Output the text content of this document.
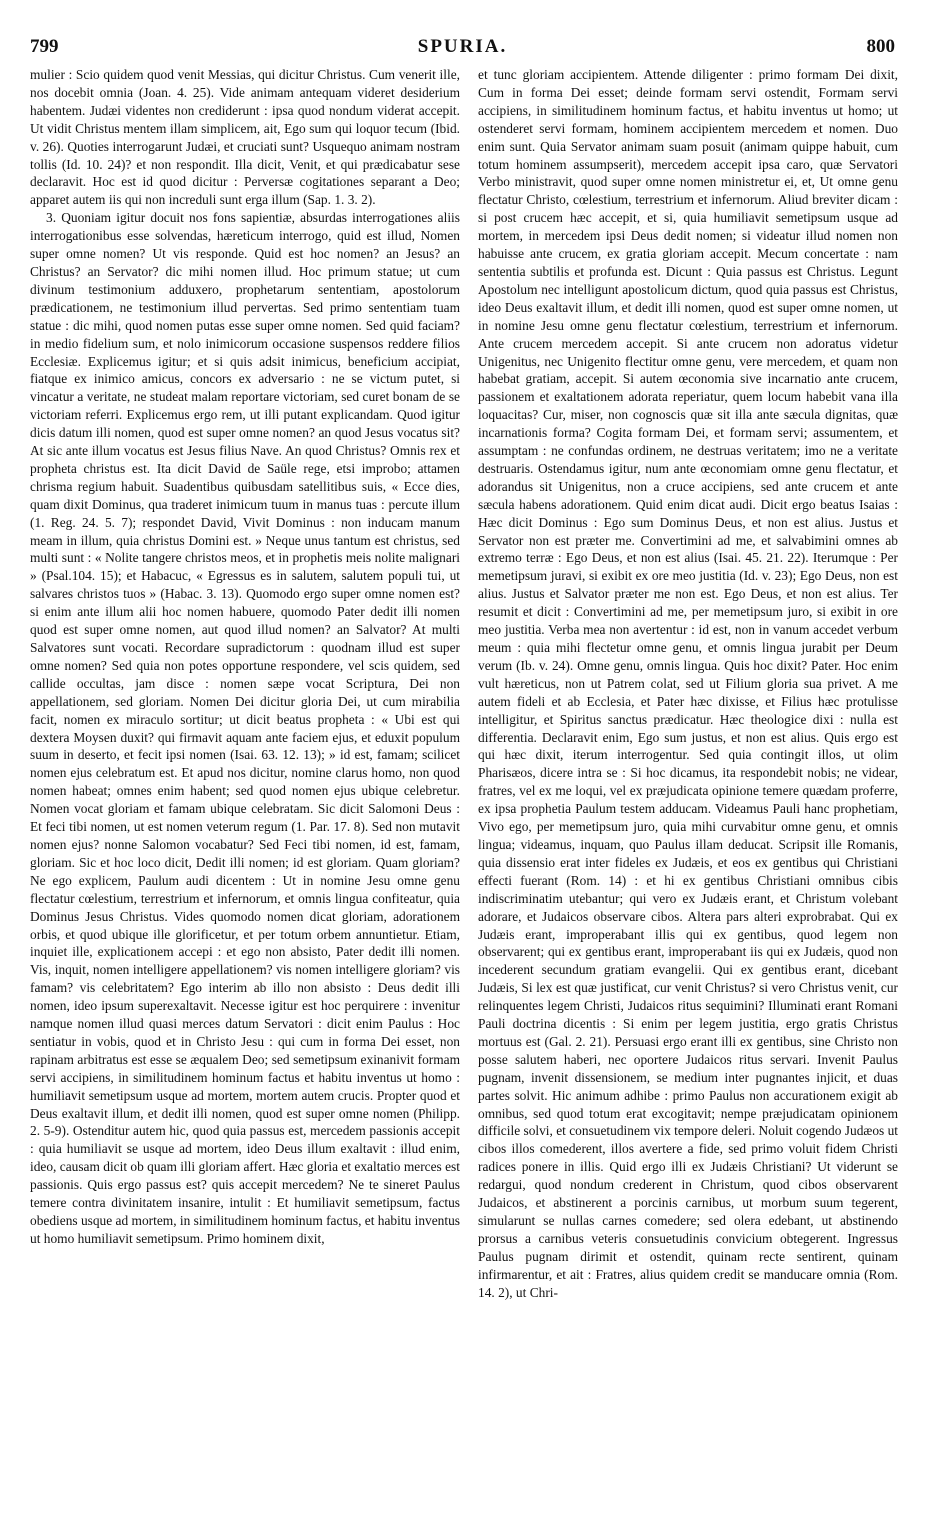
799	SPURIA.	800

mulier : Scio quidem quod venit Messias, qui dicitur Christus. Cum venerit ille, nos docebit omnia (Joan. 4. 25). Vide animam antequam videret desiderium habentem. Judæi videntes non crediderunt : ipsa quod nondum viderat accepit. Ut vidit Christus mentem illam simplicem, ait, Ego sum qui loquor tecum (Ibid. v. 26). Quoties interrogarunt Judæi, et cruciati sunt? Usquequo animam nostram tollis (Id. 10. 24)? et non respondit. Illa dicit, Venit, et qui prædicabatur sese declaravit. Hoc est id quod dicitur : Perversæ cogitationes separant a Deo; apparet autem iis qui non increduli sunt erga illum (Sap. 1. 3. 2).

3. Quoniam igitur docuit nos fons sapientiæ, absurdas interrogationes aliis interrogationibus esse solvendas, hæreticum interrogo, quid est illud, Nomen super omne nomen? Ut vis responde. Quid est hoc nomen? an Jesus? an Christus? an Servator? dic mihi nomen illud. Hoc primum statue; ut cum divinum testimonium adduxero, prophetarum sententiam, apostolorum prædicationem, ne testimonium illud pervertas. Sed primo sententiam tuam statue : dic mihi, quod nomen putas esse super omne nomen. Sed quid faciam? in medio fidelium sum, et nolo inimicorum occasione suspensos reddere filios Ecclesiæ. Explicemus igitur; et si quis adsit inimicus, beneficium accipiat, fiatque ex inimico amicus, concors ex adversario : ne se victum putet, si vincatur a veritate, ne studeat malam reportare victoriam, sed curet bonam de se victoriam referri. Explicemus ergo rem, ut illi putant explicandam. Quod igitur dicis datum illi nomen, quod est super omne nomen? an quod Jesus vocatus sit? At sic ante illum vocatus est Jesus filius Nave. An quod Christus? Omnis rex et propheta christus est. Ita dicit David de Saüle rege, etsi improbo; attamen chrisma regium habuit. Suadentibus quibusdam satellitibus suis, « Ecce dies, quam dixit Dominus, qua traderet inimicum tuum in manus tuas : percute illum (1. Reg. 24. 5. 7); respondet David, Vivit Dominus : non inducam manum meam in illum, quia christus Domini est. » Neque unus tantum est christus, sed multi sunt : « Nolite tangere christos meos, et in prophetis meis nolite malignari » (Psal.104. 15); et Habacuc, « Egressus es in salutem, salutem populi tui, ut salvares christos tuos » (Habac. 3. 13). Quomodo ergo super omne nomen est? si enim ante illum alii hoc nomen habuere, quomodo Pater dedit illi nomen quod est super omne nomen, aut quod illud nomen? an Salvator? At multi Salvatores sunt vocati. Recordare supradictorum : quodnam illud est super omne nomen? Sed quia non potes opportune respondere, vel scis quidem, sed callide occultas, jam disce : nomen sæpe vocat Scriptura, Dei non appellationem, sed gloriam. Nomen Dei dicitur gloria Dei, ut cum mirabilia facit, nomen ex miraculo sortitur; ut dicit beatus propheta : « Ubi est qui dextera Moysen duxit? qui firmavit aquam ante faciem ejus, et eduxit populum suum in deserto, et fecit ipsi nomen (Isai. 63. 12. 13); » id est, famam; scilicet nomen ejus celebratum est. Et apud nos dicitur, nomine clarus homo, non quod nomen habeat; omnes enim habent; sed quod nomen ejus ubique celebretur. Nomen vocat gloriam et famam ubique celebratam. Sic dicit Salomoni Deus : Et feci tibi nomen, ut est nomen veterum regum (1. Par. 17. 8). Sed non mutavit nomen ejus? nonne Salomon vocabatur? Sed Feci tibi nomen, id est, famam, gloriam. Sic et hoc loco dicit, Dedit illi nomen; id est gloriam. Quam gloriam? Ne ego explicem, Paulum audi dicentem : Ut in nomine Jesu omne genu flectatur cœlestium, terrestrium et infernorum, et omnis lingua confiteatur, quia Dominus Jesus Christus. Vides quomodo nomen dicat gloriam, adorationem orbis, et quod ubique ille glorificetur, et per totum orbem annuntietur. Etiam, inquiet ille, explicationem accepi : et ego non absisto, Pater dedit illi nomen. Vis, inquit, nomen intelligere appellationem? vis nomen intelligere gloriam? vis famam? vis celebritatem? Ego interim ab illo non absisto : Deus dedit illi nomen, ideo ipsum superexaltavit. Necesse igitur est hoc perquirere : invenitur namque nomen illud quasi merces datum Servatori : dicit enim Paulus : Hoc sentiatur in vobis, quod et in Christo Jesu : qui cum in forma Dei esset, non rapinam arbitratus est esse se æqualem Deo; sed semetipsum exinanivit formam servi accipiens, in similitudinem hominum factus et habitu inventus ut homo : humiliavit semetipsum usque ad mortem, mortem autem crucis. Propter quod et Deus exaltavit illum, et dedit illi nomen, quod est super omne nomen (Philipp. 2. 5-9). Ostenditur autem hic, quod quia passus est, mercedem passionis accepit : quia humiliavit se usque ad mortem, ideo Deus illum exaltavit : illud enim, ideo, causam dicit ob quam illi gloriam affert. Hæc gloria et exaltatio merces est passionis. Quis ergo passus est? quis accepit mercedem? Ne te sineret Paulus temere contra divinitatem insanire, intulit : Et humiliavit semetipsum, factus obediens usque ad mortem, in similitudinem hominum factus, et habitu inventus ut homo humiliavit semetipsum. Primo hominem dixit,

et tunc gloriam accipientem. Attende diligenter : primo formam Dei dixit, Cum in forma Dei esset; deinde formam servi ostendit, Formam servi accipiens, in similitudinem hominum factus, et habitu inventus ut homo; ut ostenderet servi formam, hominem accipientem mercedem et nomen. Duo enim sunt. Quia Servator animam suam posuit (animam quippe habuit, cum totum hominem assumpserit), mercedem accepit ipsa caro, quæ Servatori Verbo ministravit, quod super omne nomen ministretur ei, et, Ut omne genu flectatur Christo, cœlestium, terrestrium et infernorum. Aliud breviter dicam : si post crucem hæc accepit, et si, quia humiliavit semetipsum usque ad mortem, in mercedem ipsi Deus dedit nomen; si videatur illud nomen non habuisse ante crucem, ex gratia gloriam accepit. Mecum concertate : nam sententia subtilis et profunda est. Dicunt : Quia passus est Christus. Legunt Apostolum nec intelligunt apostolicum dictum, quod quia passus est Christus, ideo Deus exaltavit illum, et dedit illi nomen, quod est super omne nomen, ut in nomine Jesu omne genu flectatur cœlestium, terrestrium et infernorum. Ante crucem mercedem accepit. Si ante crucem non adoratus videtur Unigenitus, nec Unigenito flectitur omne genu, vere mercedem, et quam non habebat gratiam, accepit. Si autem œconomia sive incarnatio ante crucem, passionem et exaltationem adorata reperiatur, quem locum habebit vana illa loquacitas? Cur, miser, non cognoscis quæ sit illa ante sæcula dignitas, quæ incarnationis forma? Cogita formam Dei, et formam servi; assumentem, et assumptam : ne confundas ordinem, ne destruas veritatem; imo ne a veritate destruaris. Ostendamus igitur, num ante œconomiam omne genu flectatur, et adorandus sit Unigenitus, non a cruce accipiens, sed ante crucem et ante sæcula habens adorationem. Quid enim dicat audi. Dicit ergo beatus Isaias : Hæc dicit Dominus : Ego sum Dominus Deus, et non est alius. Justus et Servator non est præter me. Convertimini ad me, et salvabimini omnes ab extremo terræ : Ego Deus, et non est alius (Isai. 45. 21. 22). Iterumque : Per memetipsum juravi, si exibit ex ore meo justitia (Id. v. 23); Ego Deus, non est alius. Justus et Salvator præter me non est. Ego Deus, et non est alius. Ter resumit et dicit : Convertimini ad me, per memetipsum juro, si exibit in ore meo justitia. Verba mea non avertentur : id est, non in vanum accedet verbum meum : quia mihi flectetur omne genu, et omnis lingua jurabit per Deum verum (Ib. v. 24). Omne genu, omnis lingua. Quis hoc dixit? Pater. Hoc enim vult hæreticus, non ut Patrem colat, sed ut Filium gloria sua privet. A me autem fideli et ab Ecclesia, et Pater hæc dixisse, et Filius hæc protulisse intelligitur, et Spiritus sanctus prædicatur. Hæc theologice dixi : nulla est differentia. Declaravit enim, Ego sum justus, et non est alius. Quis ergo est qui hæc dixit, iterum interrogentur. Sed quia contingit illos, ut olim Pharisæos, dicere intra se : Si hoc dicamus, ita respondebit nobis; ne videar, fratres, vel ex me loqui, vel ex præjudicata opinione temere quædam proferre, ex ipsa prophetia Paulum testem adducam. Videamus Pauli hanc prophetiam, Vivo ego, per memetipsum juro, quia mihi curvabitur omne genu, et omnis lingua; videamus, inquam, quo Paulus illam deducat. Scripsit ille Romanis, quia dissensio erat inter fideles ex Judæis, et eos ex gentibus qui Christiani effecti fuerant (Rom. 14) : et hi ex gentibus Christiani omnibus cibis indiscriminatim utebantur; qui vero ex Judæis erant, et Christum volebant adorare, et Judaicos observare cibos. Altera pars alteri exprobrabat. Qui ex Judæis erant, improperabant illis qui ex gentibus, quod legem non observarent; qui ex gentibus erant, improperabant iis qui ex Judæis, quod non incederent secundum gratiam evangelii. Qui ex gentibus erant, dicebant Judæis, Si lex est quæ justificat, cur venit Christus? si vero Christus venit, cur relinquentes legem Christi, Judaicos ritus sequimini? Illuminati erant Romani Pauli doctrina dicentis : Si enim per legem justitia, ergo gratis Christus mortuus est (Gal. 2. 21). Persuasi ergo erant illi ex gentibus, sine Christo non posse salutem haberi, nec oportere Judaicos ritus servari. Invenit Paulus pugnam, invenit dissensionem, se medium inter pugnantes injicit, et duas partes solvit. Hic animum adhibe : primo Paulus non accurationem exigit ab omnibus, sed quod totum erat excogitavit; nempe præjudicatam opinionem difficile solvi, et consuetudinem vix tempore deleri. Noluit cogendo Judæos ut cibos illos comederent, illos avertere a fide, sed primo voluit fidem Christi radices ponere in illis. Quid ergo illi ex Judæis Christiani? Ut viderunt se redargui, quod nondum crederent in Christum, quod cibos observarent Judaicos, et abstinerent a porcinis carnibus, ut morbum suum tegerent, simularunt se nullas carnes comedere; sed olera edebant, ut abstinendo prorsus a carnibus veteris consuetudinis convicium obtegerent. Ingressus Paulus pugnam dirimit et ostendit, quinam recte sentirent, quinam infirmarentur, et ait : Fratres, alius quidem credit se manducare omnia (Rom. 14. 2), ut Chri-
